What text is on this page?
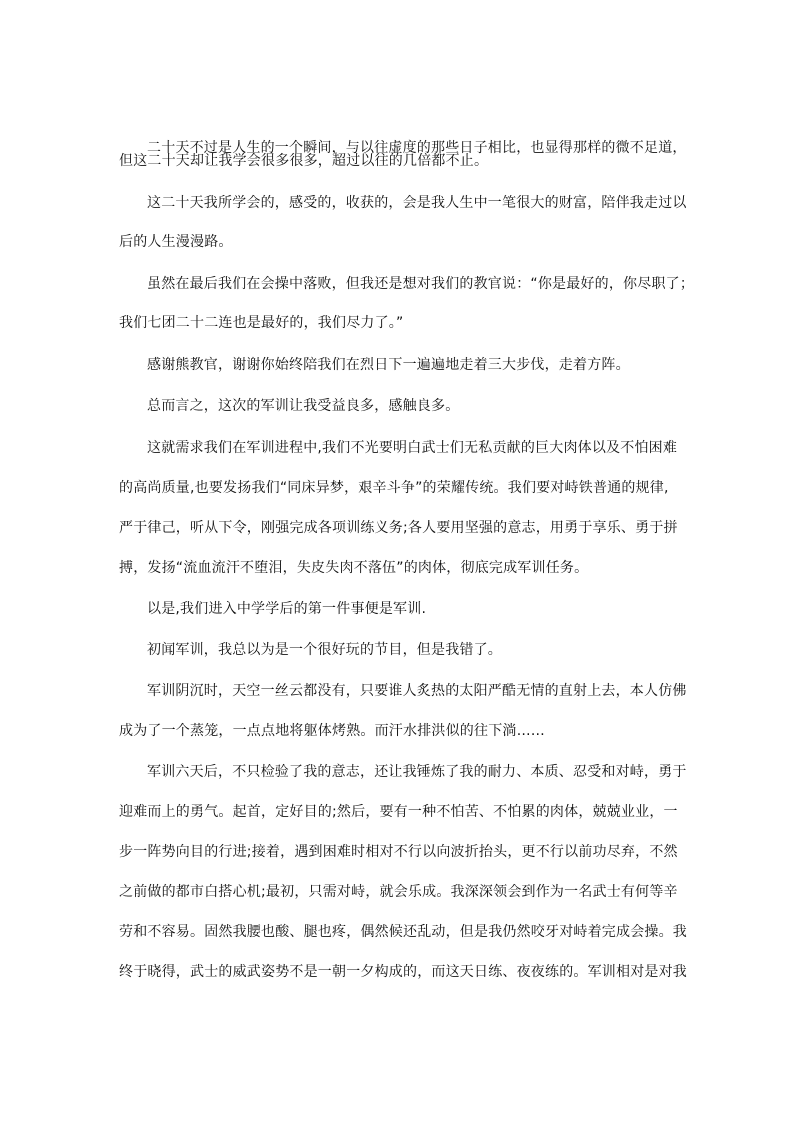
二十天不过是人生的一个瞬间，与以往虚度的那些日子相比，也显得那样的微不足道，
但这二十天却让我学会很多很多，超过以往的几倍都不止。
这二十天我所学会的，感受的，收获的，会是我人生中一笔很大的财富，陪伴我走过以
后的人生漫漫路。
虽然在最后我们在会操中落败，但我还是想对我们的教官说：“你是最好的，你尽职了；
我们七团二十二连也是最好的，我们尽力了。”
感谢熊教官，谢谢你始终陪我们在烈日下一遍遍地走着三大步伐，走着方阵。
总而言之，这次的军训让我受益良多，感触良多。
这就需求我们在军训进程中,我们不光要明白武士们无私贡献的巨大肉体以及不怕困难
的高尚质量,也要发扬我们“同床异梦，艰辛斗争”的荣耀传统。我们要对峙铁普通的规律,
严于律己，听从下令，刚强完成各项训练义务;各人要用坚强的意志，用勇于享乐、勇于拼
搏，发扬“流血流汗不堕泪，失皮失肉不落伍”的肉体，彻底完成军训任务。
以是,我们进入中学学后的第一件事便是军训.
初闻军训，我总以为是一个很好玩的节目，但是我错了。
军训阴沉时，天空一丝云都没有，只要谁人炙热的太阳严酷无情的直射上去，本人仿佛
成为了一个蒸笼，一点点地将躯体烤熟。而汗水排洪似的往下淌……
军训六天后，不只检验了我的意志，还让我锤炼了我的耐力、本质、忍受和对峙，勇于
迎难而上的勇气。起首，定好目的;然后，要有一种不怕苦、不怕累的肉体，兢兢业业，一
步一阵势向目的行进;接着，遇到困难时相对不行以向波折抬头，更不行以前功尽弃，不然
之前做的都市白搭心机;最初，只需对峙，就会乐成。我深深领会到作为一名武士有何等辛
劳和不容易。固然我腰也酸、腿也疼，偶然候还乱动，但是我仍然咬牙对峙着完成会操。我
终于晓得，武士的威武姿势不是一朝一夕构成的，而这天日练、夜夜练的。军训相对是对我
